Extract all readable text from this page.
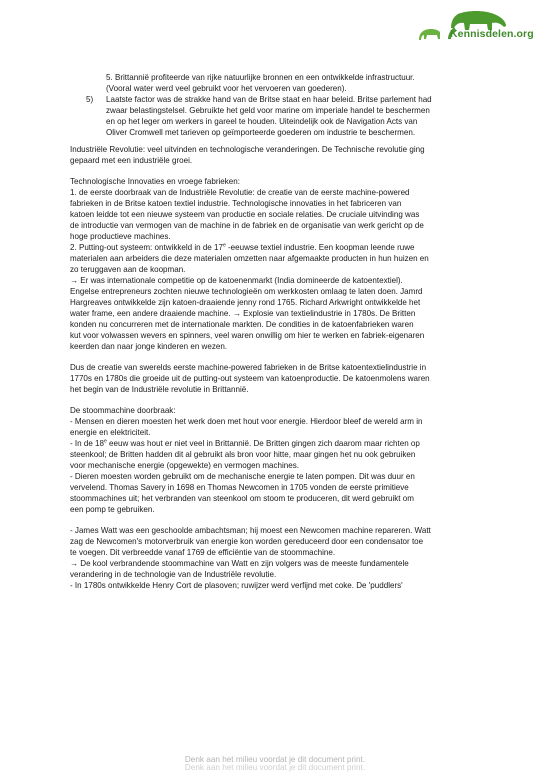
Kennisdelen.org

5. Brittannië profiteerde van rijke natuurlijke bronnen en een ontwikkelde infrastructuur.

(Vooral water werd veel gebruikt voor het vervoeren van goederen).

5) Laatste factor was de strakke hand van de Britse staat en haar beleid. Britse parlement had

zwaar belastingstelsel. Gebruikte het geld voor marine om imperiale handel te beschermen

en op het leger om werkers in gareel te houden. Uiteindelijk ook de Navigation Acts van

Oliver Cromwell met tarieven op geïmporteerde goederen om industrie te beschermen.

Industriële Revolutie: veel uitvinden en technologische veranderingen. De Technische revolutie ging

gepaard met een industriële groei.

Technologische Innovaties en vroege fabrieken:

1. de eerste doorbraak van de Industriële Revolutie: de creatie van de eerste machine-powered

fabrieken in de Britse katoen textiel industrie. Technologische innovaties in het fabriceren van

katoen leidde tot een nieuwe systeem van productie en sociale relaties. De cruciale uitvinding was

de introductie van vermogen van de machine in de fabriek en de organisatie van werk gericht op de

hoge productieve machines.

2. Putting-out systeem: ontwikkeld in de 17e -eeuwse textiel industrie. Een koopman leende ruwe

materialen aan arbeiders die deze materialen omzetten naar afgemaakte producten in hun huizen en

zo teruggaven aan de koopman.

→ Er was internationale competitie op de katoenenmarkt (India domineerde de katoentextiel).

Engelse entrepreneurs zochten nieuwe technologieën om werkkosten omlaag te laten doen. Jamrd

Hargreaves ontwikkelde zijn katoen-draaiende jenny rond 1765. Richard Arkwright ontwikkelde het

water frame, een andere draaiende machine. → Explosie van textielindustrie in 1780s. De Britten

konden nu concurreren met de internationale markten. De condities in de katoenfabrieken waren

kut voor volwassen wevers en spinners, veel waren onwillig om hier te werken en fabriek-eigenaren

keerden dan naar jonge kinderen en wezen.

Dus de creatie van swerelds eerste machine-powered fabrieken in de Britse katoentextielindustrie in

1770s en 1780s die groeide uit de putting-out systeem van katoenproductie. De katoenmolens waren

het begin van de Industriële revolutie in Brittannië.

De stoommachine doorbraak:

- Mensen en dieren moesten het werk doen met hout voor energie. Hierdoor bleef de wereld arm in

energie en elektriciteit.

- In de 18e eeuw was hout er niet veel in Brittannië. De Britten gingen zich daarom maar richten op

steenkool; de Britten hadden dit al gebruikt als bron voor hitte, maar gingen het nu ook gebruiken

voor mechanische energie (opgewekte) en vermogen machines.

- Dieren moesten worden gebruikt om de mechanische energie te laten pompen. Dit was duur en

vervelend. Thomas Savery in 1698 en Thomas Newcomen in 1705 vonden de eerste primitieve

stoommachines uit; het verbranden van steenkool om stoom te produceren, dit werd gebruikt om

een pomp te gebruiken.

- James Watt was een geschoolde ambachtsman; hij moest een Newcomen machine repareren. Watt

zag de Newcomen's motorverbruik van energie kon worden gereduceerd door een condensator toe

te voegen. Dit verbreedde vanaf 1769 de efficiëntie van de stoommachine.

→ De kool verbrandende stoommachine van Watt en zijn volgers was de meeste fundamentele

verandering in de technologie van de Industriële revolutie.

- In 1780s ontwikkelde Henry Cort de plasoven; ruwijzer werd verfijnd met coke. De 'puddlers'

Denk aan het milieu voordat je dit document print.
Denk aan het milieu voordat je dit document print.
